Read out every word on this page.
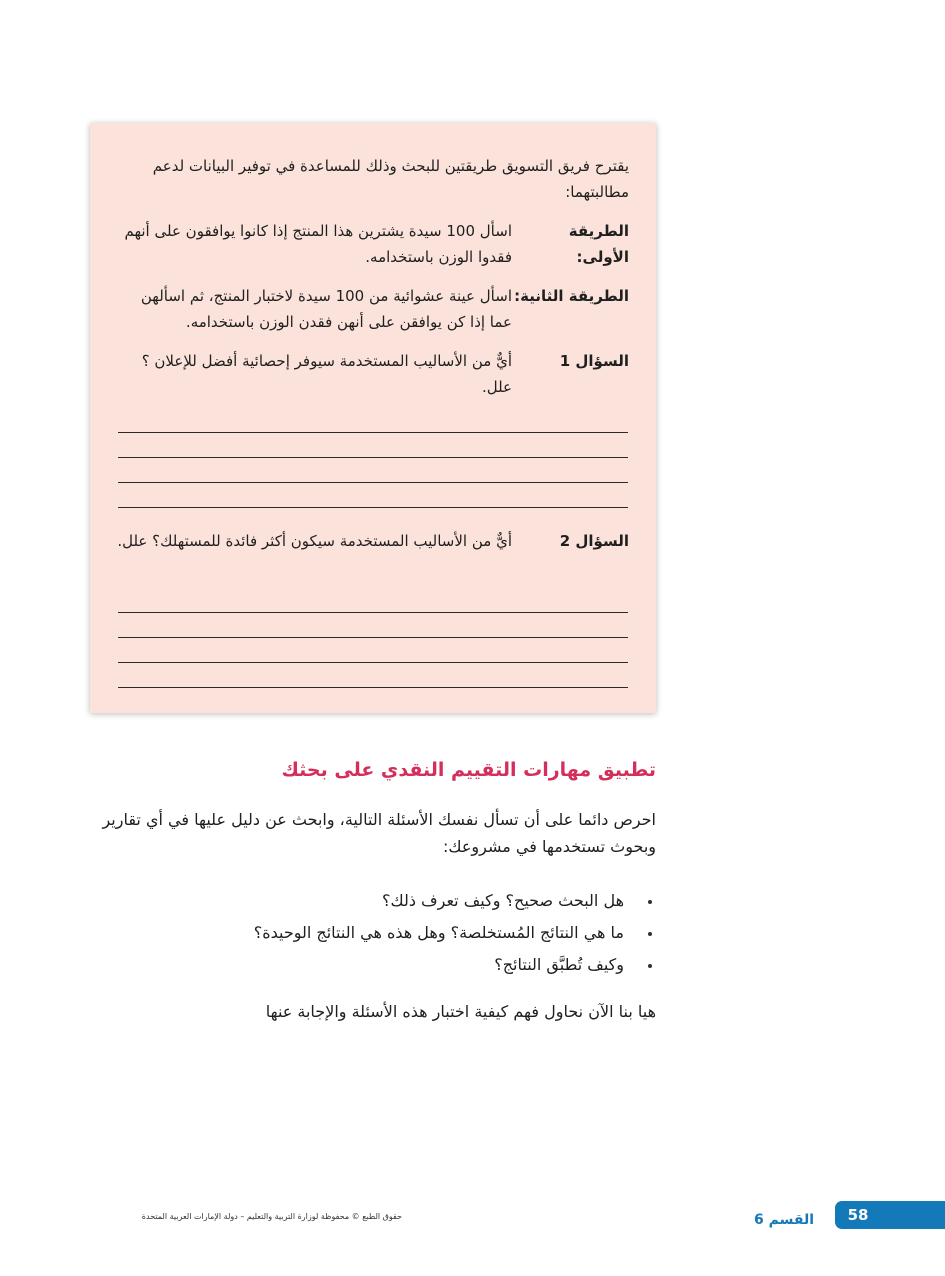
يقترح فريق التسويق طريقتين للبحث وذلك للمساعدة في توفير البيانات لدعم مطالبتهما:
الطريقة الأولى:
اسأل 100 سيدة يشترين هذا المنتج إذا كانوا يوافقون على أنهم فقدوا الوزن باستخدامه.
الطريقة الثانية:
اسأل عينة عشوائية من 100 سيدة لاختبار المنتج، ثم اسألهن عما إذا كن يوافقن على أنهن فقدن الوزن باستخدامه.
السؤال 1
أيٌّ من الأساليب المستخدمة سيوفر إحصائية أفضل للإعلان ؟علل.
السؤال 2
أيٌّ من الأساليب المستخدمة سيكون أكثر فائدة للمستهلك؟ علل.
تطبيق مهارات التقييم النقدي على بحثك
احرص دائما على أن تسأل نفسك الأسئلة التالية، وابحث عن دليل عليها في أي تقارير وبحوث تستخدمها في مشروعك:
هل البحث صحيح؟ وكيف تعرف ذلك؟
ما هي النتائج المُستخلصة؟ وهل هذه هي النتائج الوحيدة؟
وكيف تُطبَّق النتائج؟
هيا بنا الآن نحاول فهم كيفية اختبار هذه الأسئلة والإجابة عنها
حقوق الطبع © محفوظة لوزارة التربية والتعليم – دولة الإمارات العربية المتحدة	القسم 6	58
